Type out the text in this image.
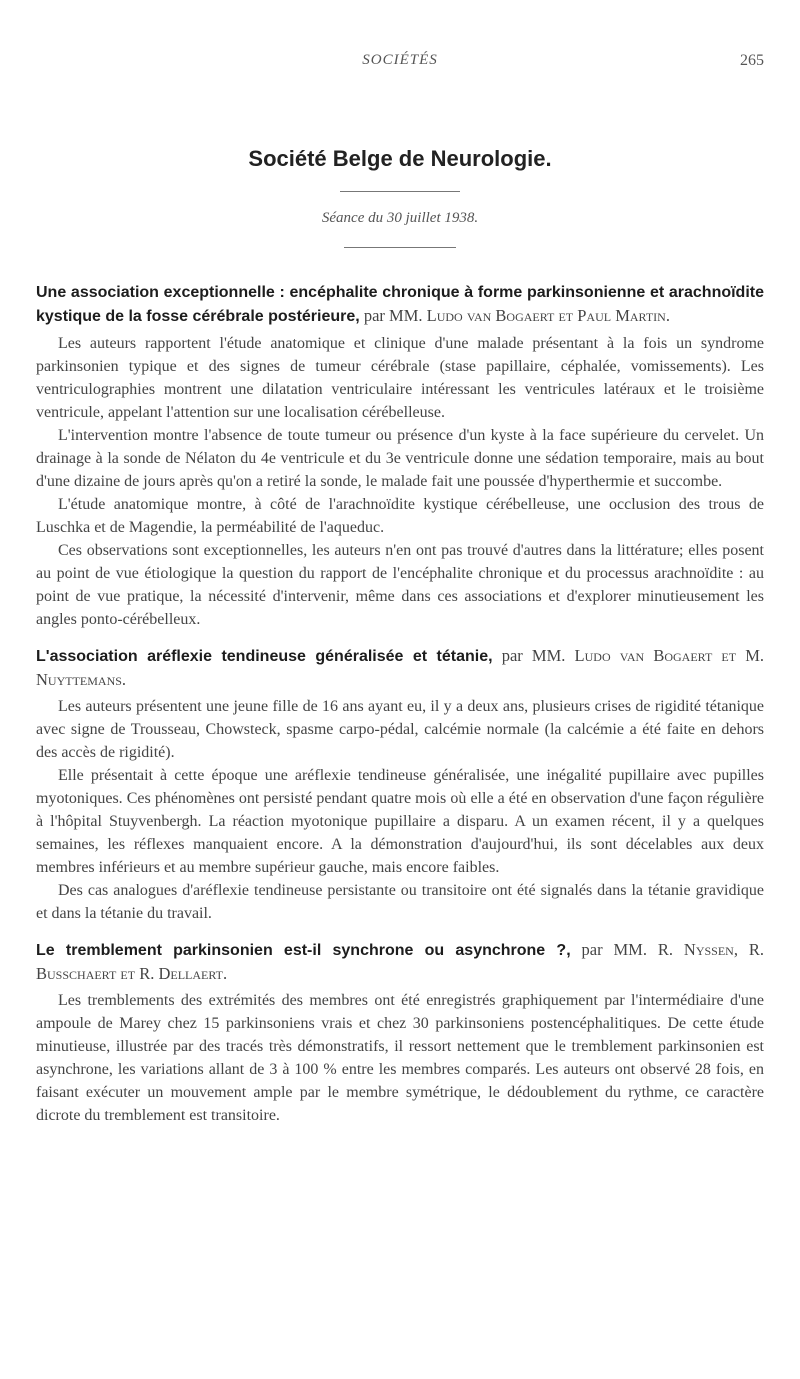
SOCIÉTÉS	265
Société Belge de Neurologie.
Séance du 30 juillet 1938.

Une association exceptionnelle : encéphalite chronique à forme parkinsonienne et arachnoïdite kystique de la fosse cérébrale postérieure, par MM. Ludo van Bogaert et Paul Martin.

Les auteurs rapportent l'étude anatomique et clinique d'une malade présentant à la fois un syndrome parkinsonien typique et des signes de tumeur cérébrale (stase papillaire, céphalée, vomissements). Les ventriculographies montrent une dilatation ventriculaire intéressant les ventricules latéraux et le troisième ventricule, appelant l'attention sur une localisation cérébelleuse.

L'intervention montre l'absence de toute tumeur ou présence d'un kyste à la face supérieure du cervelet. Un drainage à la sonde de Nélaton du 4e ventricule et du 3e ventricule donne une sédation temporaire, mais au bout d'une dizaine de jours après qu'on a retiré la sonde, le malade fait une poussée d'hyperthermie et succombe.

L'étude anatomique montre, à côté de l'arachnoïdite kystique cérébelleuse, une occlusion des trous de Luschka et de Magendie, la perméabilité de l'aqueduc.

Ces observations sont exceptionnelles, les auteurs n'en ont pas trouvé d'autres dans la littérature; elles posent au point de vue étiologique la question du rapport de l'encéphalite chronique et du processus arachnoïdite : au point de vue pratique, la nécessité d'intervenir, même dans ces associations et d'explorer minutieusement les angles ponto-cérébelleux.

L'association aréflexie tendineuse généralisée et tétanie, par MM. Ludo van Bogaert et M. Nuyttemans.

Les auteurs présentent une jeune fille de 16 ans ayant eu, il y a deux ans, plusieurs crises de rigidité tétanique avec signe de Trousseau, Chowsteck, spasme carpo-pédal, calcémie normale (la calcémie a été faite en dehors des accès de rigidité).

Elle présentait à cette époque une aréflexie tendineuse généralisée, une inégalité pupillaire avec pupilles myotoniques. Ces phénomènes ont persisté pendant quatre mois où elle a été en observation d'une façon régulière à l'hôpital Stuyvenbergh. La réaction myotonique pupillaire a disparu. A un examen récent, il y a quelques semaines, les réflexes manquaient encore. A la démonstration d'aujourd'hui, ils sont décelables aux deux membres inférieurs et au membre supérieur gauche, mais encore faibles.

Des cas analogues d'aréflexie tendineuse persistante ou transitoire ont été signalés dans la tétanie gravidique et dans la tétanie du travail.

Le tremblement parkinsonien est-il synchrone ou asynchrone ?, par MM. R. Nyssen, R. Busschaert et R. Dellaert.

Les tremblements des extrémités des membres ont été enregistrés graphiquement par l'intermédiaire d'une ampoule de Marey chez 15 parkinsoniens vrais et chez 30 parkinsoniens postencéphalitiques. De cette étude minutieuse, illustrée par des tracés très démonstratifs, il ressort nettement que le tremblement parkinsonien est asynchrone, les variations allant de 3 à 100 % entre les membres comparés. Les auteurs ont observé 28 fois, en faisant exécuter un mouvement ample par le membre symétrique, le dédoublement du rythme, ce caractère dicrote du tremblement est transitoire.
